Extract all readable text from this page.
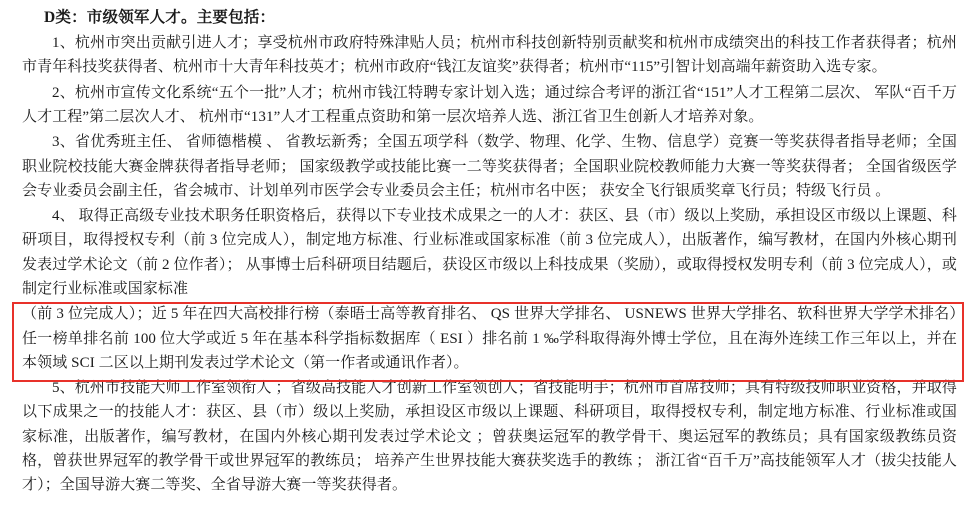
D类：市级领军人才。主要包括：

1、杭州市突出贡献引进人才；享受杭州市政府特殊津贴人员；杭州市科技创新特别贡献奖和杭州市成绩突出的科技工作者获得者；杭州市青年科技奖获得者、杭州市十大青年科技英才；杭州市政府“钱江友谊奖”获得者；杭州市“115”引智计划高端年薪资助入选专家。

2、杭州市宣传文化系统“五个一批”人才；杭州市钱江特聘专家计划入选；通过综合考评的浙江省“151”人才工程第二层次、 军队“百千万人才工程”第二层次人才、 杭州市“131”人才工程重点资助和第一层次培养人选、浙江省卫生创新人才培养对象。

3、省优秀班主任、 省师德楷模 、 省教坛新秀；全国五项学科（数学、物理、化学、生物、信息学）竞赛一等奖获得者指导老师；全国职业院校技能大赛金牌获得者指导老师； 国家级教学或技能比赛一二等奖获得者；全国职业院校教师能力大赛一等奖获得者； 全国省级医学会专业委员会副主任，省会城市、计划单列市医学会专业委员会主任；杭州市名中医； 获安全飞行银质奖章飞行员；特级飞行员 。

4、 取得正高级专业技术职务任职资格后，获得以下专业技术成果之一的人才：获区、县（市）级以上奖励，承担设区市级以上课题、科研项目，取得授权专利（前 3 位完成人），制定地方标准、行业标准或国家标准（前 3 位完成人），出版著作，编写教材，在国内外核心期刊发表过学术论文（前 2 位作者）； 从事博士后科研项目结题后，获设区市级以上科技成果（奖励），或取得授权发明专利（前 3 位完成人），或制定行业标准或国家标准

（前 3 位完成人）；近 5 年在四大高校排行榜（泰晤士高等教育排名、 QS 世界大学排名、 USNEWS 世界大学排名、软科世界大学学术排名）任一榜单排名前 100 位大学或近 5 年在基本科学指标数据库（ ESI ）排名前 1 ‰学科取得海外博士学位，且在海外连续工作三年以上，并在本领域 SCI 二区以上期刊发表过学术论文（第一作者或通讯作者）。

5、杭州市技能大师工作室领衔人 ；省级高技能人才创新工作室领创人；省技能明手；杭州市首席技师；具有特级技师职业资格，并取得以下成果之一的技能人才：获区、县（市）级以上奖励，承担设区市级以上课题、科研项目，取得授权专利，制定地方标准、行业标准或国家标准，出版著作，编写教材，在国内外核心期刊发表过学术论文 ；曾获奥运冠军的教学骨干、奥运冠军的教练员；具有国家级教练员资格，曾获世界冠军的教学骨干或世界冠军的教练员； 培养产生世界技能大赛获奖选手的教练 ； 浙江省“百千万”高技能领军人才（拔尖技能人才）；全国导游大赛二等奖、全省导游大赛一等奖获得者。
